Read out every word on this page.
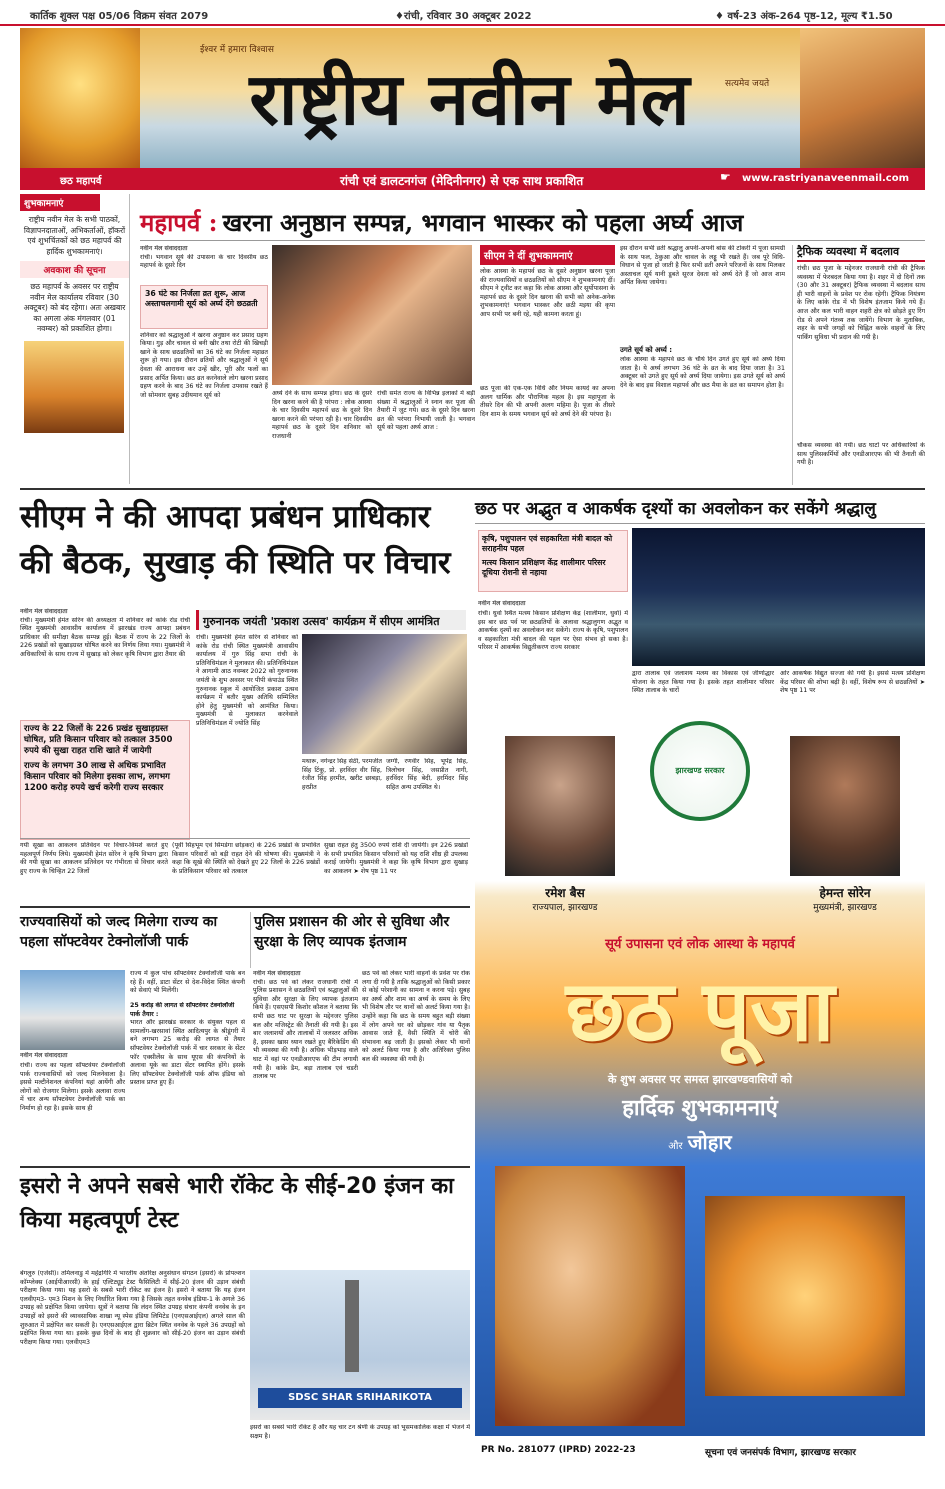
कार्तिक शुक्ल पक्ष 05/06 विक्रम संवत 2079	♦रांची, रविवार 30 अक्टूबर 2022	♦ वर्ष-23 अंक-264 पृष्ठ-12, मूल्य ₹1.50
ईश्वर में हमारा विश्वास
राष्ट्रीय नवीन मेल	सत्यमेव जयते
छठ महापर्व	रांची एवं डालटनगंज (मेदिनीनगर) से एक साथ प्रकाशित	☛ www.rastriyanaveenmail.com
शुभकामनाएं
राष्ट्रीय नवीन मेल के सभी पाठकों, विज्ञापनदाताओं, अभिकर्ताओं, हॉकरों एवं शुभचिंतकों को छठ महापर्व की हार्दिक शुभकामनाएं।
अवकाश की सूचना
छठ महापर्व के अवसर पर राष्ट्रीय नवीन मेल कार्यालय रविवार (30 अक्टूबर) को बंद रहेगा। अतः अखबार का अगला अंक मंगलवार (01 नवम्बर) को प्रकाशित होगा।
महापर्व : खरना अनुष्ठान सम्पन्न, भगवान भास्कर को पहला अर्घ्य आज
नवीन मेल संवाददाता
रांची। भगवान सूर्य की उपासना के चार दिवसीय छठ महापर्व के दूसरे दिन
36 घंटे का निर्जला व्रत शुरू, आज अस्ताचलगामी सूर्य को अर्घ्य देंगे छठव्रती
शनिवार को श्रद्धालुओं ने खरना अनुष्ठान कर प्रसाद ग्रहण किया। गुड़ और चावल से बनी खीर तथा रोटी की खिचड़ी खाने के साथ छठव्रतियों का 36 घंटे का निर्जला महाव्रत शुरू हो गया। इस दौरान व्रतियों और श्रद्धालुओं ने सूर्य देवता की आराधना कर उन्हें खीर, पूरी और फलों का प्रसाद अर्पित किया। छठ व्रत करनेवाले लोग खरना प्रसाद ग्रहण करने के बाद 36 घंटे का निर्जला उपवास रखते हैं जो सोमवार सुबह उदीयमान सूर्य को	अर्घ्य देने के साथ सम्पन्न होगा। छठ के दूसरे दिन खरना करने की है परंपरा : लोक आस्था के चार दिवसीय महापर्व छठ के दूसरे दिन खरना करने की परंपरा रही है। चार दिवसीय महापर्व छठ के दूसरे दिन शनिवार को राजधानी
रांची समेत राज्य के विभिन्न इलाकों में बड़ी संख्या में श्रद्धालुओं ने स्नान कर पूजा की तैयारी में जुट गये। छठ के दूसरे दिन खरना व्रत की परंपरा निभायी जाती है। भगवान सूर्य को पहला अर्घ्य आज :
सीएम ने दीं शुभकामनाएं
लोक आस्था के महापर्व छठ के दूसरे अनुष्ठान खरना पूजा की राज्यवासियों व छठव्रतियों को सीएम ने शुभकामनाएं दीं। सीएम ने ट्वीट कर कहा कि लोक आस्था और सूर्योपासना के महापर्व छठ के दूसरे दिन खरना की सभी को अनेक-अनेक शुभकामनाएं! भगवान भास्कर और छठी मइया की कृपा आप सभी पर बनी रहे, यही कामना करता हूं।
छठ पूजा की एक-एक विधि और नियम कायदे का अपना अलग धार्मिक और पौराणिक महत्व है। इस महापूजा के तीसरे दिन की भी अपनी अलग महिमा है। पूजा के तीसरे दिन शाम के समय भगवान सूर्य को अर्घ्य देने की परंपरा है।
इस दौरान सभी व्रती श्रद्धालु अपनी-अपनी बांस की टोकरी में पूजा सामग्री के साथ फल, ठेकुआ और चावल के लड्डू भी रखते हैं। जब पूरे विधि-विधान से पूजा हो जाती है फिर सभी व्रती अपने परिजनों के साथ मिलकर अस्ताचल सूर्य यानी डूबते सूरज देवता को अर्घ्य देते हैं जो आज शाम अर्पित किया जायेगा।
उगते सूर्य को अर्घ्य :
लोक आस्था के महापर्व छठ के चौथे दिन उगते हुए सूर्य को अर्घ्य दिया जाता है। ये अर्घ्य लगभग 36 घंटे के व्रत के बाद दिया जाता है। 31 अक्टूबर को उगते हुए सूर्य को अर्घ्य दिया जायेगा। इस उगते सूर्य को अर्घ्य देने के बाद इस विशाल महापर्व और छठ मैया के व्रत का समापन होता है।
ट्रैफिक व्यवस्था में बदलाव
रांची। छठ पूजा के मद्देनजर राजधानी रांची की ट्रैफिक व्यवस्था में फेरबदल किया गया है। शहर में दो दिनों तक (30 और 31 अक्टूबर) ट्रैफिक व्यवस्था में बदलाव साथ ही भारी वाहनों के प्रवेश पर रोक रहेगी। ट्रैफिक नियंत्रण के लिए कांके रोड में भी विशेष इंतजाम किये गये हैं। आज और कल भारी वाहन शहरी क्षेत्र को छोड़ते हुए रिंग रोड से अपने गंतव्य तक जायेंगे। विभाग के मुताबिक, शहर के सभी जगहों को चिह्नित करके वाहनों के लिए पार्किंग सुविधा भी प्रदान की गयी है।
चौकस व्यवस्था की गयी। छठ घाटों पर अधिकारियों के साथ पुलिसकर्मियों और एनडीआरएफ की भी तैनाती की गयी है।
सीएम ने की आपदा प्रबंधन प्राधिकार की बैठक, सुखाड़ की स्थिति पर विचार
नवीन मेल संवाददाता
रांची। मुख्यमंत्री हेमंत सोरेन की अध्यक्षता में शनिवार को कांके रोड रांची स्थित मुख्यमंत्री आवासीय कार्यालय में झारखंड राज्य आपदा प्रबंधन प्राधिकार की समीक्षा बैठक सम्पन्न हुई। बैठक में राज्य के 22 जिलों के 226 प्रखंडों को सुखाड़ग्रस्त घोषित करने का निर्णय लिया गया। मुख्यमंत्री ने अधिकारियों के साथ राज्य में सुखाड़ को लेकर कृषि विभाग द्वारा तैयार की
राज्य के 22 जिलों के 226 प्रखंड सुखाड़ग्रस्त घोषित, प्रति किसान परिवार को तत्काल 3500 रुपये की सुखा राहत राशि खाते में जायेगी
राज्य के लगभग 30 लाख से अधिक प्रभावित किसान परिवार को मिलेगा इसका लाभ, लगभग 1200 करोड़ रुपये खर्च करेगी राज्य सरकार
गुरुनानक जयंती 'प्रकाश उत्सव' कार्यक्रम में सीएम आमंत्रित
रांची। मुख्यमंत्री हेमंत सोरेन से शनिवार को कांके रोड रांची स्थित मुख्यमंत्री आवासीय कार्यालय में गुरु सिंह सभा रांची के प्रतिनिधिमंडल ने मुलाकात की। प्रतिनिधिमंडल ने आगामी आठ नवम्बर 2022 को गुरुनानक जयंती के शुभ अवसर पर पीपी कंपाउंड स्थित गुरुनानक स्कूल में आयोजित प्रकाश उत्सव कार्यक्रम में बतौर मुख्य अतिथि सम्मिलित होने हेतु मुख्यमंत्री को आमंत्रित किया। मुख्यमंत्री से मुलाकात करनेवाले प्रतिनिधिमंडल में ज्योति सिंह
मथारू, नगेन्द्रर सिंह सेठी, परमजीत सिंह टिंकू, प्रो. हरविंदर वीर सिंह, रंजीत सिंह हरमीत, खरीट छाबड़ा, हरप्रीत
जग्गी, रणवीर सिंह, भूपेंद्र सिंह, त्रिलोचन सिंह, जसप्रीत नागी, हरविंदर सिंह बेदी, हरमिंदर सिंह सहित अन्य उपस्थित थे।
गयी सूखा का आकलन प्रतिवेदन पर विचार-विमर्श करते हुए महत्वपूर्ण निर्णय लिये। मुख्यमंत्री हेमंत सोरेन ने कृषि विभाग द्वारा की गयी सूखा का आकलन प्रतिवेदन पर गंभीरता से विचार करते हुए राज्य के चिन्हित 22 जिलों
(पूर्वी सिंहभूम एवं सिमडेगा छोड़कर) के 226 प्रखंडों के प्रभावित किसान परिवारों को बड़ी राहत देने की घोषणा की। मुख्यमंत्री ने कहा कि सूखे की स्थिति को देखते हुए 22 जिलों के 226 प्रखंडों के प्रतिकिसान परिवार को तत्काल
सुखा राहत हेतु 3500 रुपये राशि दी जायेगी। इन 226 प्रखंडों के सभी प्रभावित किसान परिवारों को यह राशि शीघ्र ही उपलब्ध कराई जायेगी। मुख्यमंत्री ने कहा कि कृषि विभाग द्वारा सुखाड़ का आकलन ➤ शेष पृष्ठ 11 पर
छठ पर अद्भुत व आकर्षक दृश्यों का अवलोकन कर सकेंगे श्रद्धालु
कृषि, पशुपालन एवं सहकारिता मंत्री बादल को सराहनीय पहल
मत्स्य किसान प्रशिक्षण केंद्र शालीमार परिसर दूधिया रोशनी से नहाया
नवीन मेल संवाददाता
रांची। धुर्वा स्थित मत्स्य किसान प्रशिक्षण केंद्र (शालीमार, धुर्वा) में इस बार छठ पर्व पर छठव्रतियों के अलावा श्रद्धालुगण अद्भुत व आकर्षक दृश्यों का अवलोकन कर सकेंगे। राज्य के कृषि, पशुपालन व सहकारिता मंत्री बादल की पहल पर ऐसा संभव हो सका है। परिसर में आकर्षक विद्युतीकरण राज्य सरकार
द्वारा तालाब एवं जलाशय मत्स्य का विकास एवं जीर्णोद्धार योजना के तहत किया गया है। इसके तहत शालीमार परिसर स्थित तालाब के चारों
ओर आकर्षक विद्युत सज्जा की गयी है। इससे मत्स्य प्रशिक्षण केंद्र परिसर की शोभा बढ़ी है। वहीं, विशेष रूप से छठव्रतियों ➤ शेष पृष्ठ 11 पर
राज्यवासियों को जल्द मिलेगा राज्य का पहला सॉफ्टवेयर टेक्नोलॉजी पार्क
नवीन मेल संवाददाता
रांची। राज्य का पहला सॉफ्टवेयर टेक्नोलॉजी पार्क राज्यवासियों को जल्द मिलनेवाला है। इससे मल्टीनेशनल कंपनियां यहां आयेंगी और लोगों को रोजगार मिलेगा। इसके अलावा राज्य में चार अन्य सॉफ्टवेयर टेक्नोलॉजी पार्क का निर्माण हो रहा है। इसके साथ ही
राज्य में कुल पांच सॉफ्टवेयर टेक्नोलॉजी पार्क बन रहे हैं। वहीं, डाटा सेंटर से देश-विदेश स्थित कंपनी को सेवाएं भी मिलेंगी।
25 करोड़ की लागत से सॉफ्टवेयर टेक्नोलॉजी पार्क तैयार :
भारत और झारखंड सरकार के संयुक्त पहल से सामलोंग-खरसावां स्थित आदित्यपुर के श्रीडूंगरी में बने लगभग 25 करोड़ की लागत से तैयार सॉफ्टवेयर टेक्नोलॉजी पार्क में चार सरकार के सेंटर फॉर एक्सीलेंस के साथ यूएस की कंपनियों के अलावा यूके का डाटा सेंटर स्थापित होंगे। इसके लिए सॉफ्टवेयर टेक्नोलॉजी पार्क ऑफ इंडिया को प्रस्ताव प्राप्त हुए हैं।
पुलिस प्रशासन की ओर से सुविधा और सुरक्षा के लिए व्यापक इंतजाम
नवीन मेल संवाददाता
रांची। छठ पर्व को लेकर राजधानी रांची में पुलिस प्रशासन ने छठव्रतियों एवं श्रद्धालुओं की सुविधा और सुरक्षा के लिए व्यापक इंतजाम किये हैं। एसएसपी किशोर कौशल ने बताया कि सभी छठ घाट पर सुरक्षा के मद्देनजर पुलिस बल और मजिस्ट्रेट की तैनाती की गयी है। इस बार जलाशयों और तालाबों में जलस्तर अधिक है, इसका खास ध्यान रखते हुए बैरिकेडिंग की भी व्यवस्था की गयी है। अधिक भीड़भाड़ वाले घाट में वहां पर एनडीआरएफ की टीम लगायी गयी है। कांके डैम, बड़ा तालाब एवं चडरी तालाब पर
छठ पर्व को लेकर भारी वाहनों के प्रवेश पर रोक लगा दी गयी है ताकि श्रद्धालुओं को किसी प्रकार से कोई परेशानी का सामना न करना पड़े। सुबह का अर्घ्य और शाम का अर्घ्य के समय के लिए भी विशेष तौर पर थानों को अलर्ट किया गया है। उन्होंने कहा कि छठ के समय बहुत बड़ी संख्या में लोग अपने घर को छोड़कर गांव या पैतृक आवास जाते हैं, वैसी स्थिति में चोरी की संभावना बढ़ जाती है। इसको लेकर भी थानों को अलर्ट किया गया है और अतिरिक्त पुलिस बल की व्यवस्था की गयी है।
इसरो ने अपने सबसे भारी रॉकेट के सीई-20 इंजन का किया महत्वपूर्ण टेस्ट
बेंगलुरु (एजेंसी)। तमिलनाडु में महेंद्रगिरि में भारतीय अंतरिक्ष अनुसंधान संगठन (इसरो) के प्रोपल्शन कॉम्प्लेक्स (आईपीआरसी) के हाई एल्टिट्यूड टेस्ट फैसिलिटी में सीई-20 इंजन की उड़ान संबंधी परीक्षण किया गया। यह इसरो के सबसे भारी रॉकेट का इंजन है। इसरो ने बताया कि यह इंजन एलवीएम3- एम3 मिशन के लिए निर्धारित किया गया है जिसके तहत वनवेब इंडिया-1 के अगले 36 उपग्रह को प्रक्षेपित किया जायेगा। सूत्रों ने बताया कि लंदन स्थित उपग्रह संचार कंपनी वनवेब के इन उपग्रहों को इसरो की व्यावसायिक शाखा न्यू स्पेस इंडिया लिमिटेड (एनएसआईएल) अगले साल की शुरुआत में प्रक्षेपित कर सकती है। एनएसआईएल द्वारा ब्रिटेन स्थित वनवेब के पहले 36 उपग्रहों को प्रक्षेपित किया गया था। इसके कुछ दिनों के बाद ही शुक्रवार को सीई-20 इंजन का उड़ान संबंधी परीक्षण किया गया। एलवीएम3
SDSC SHAR SRIHARIKOTA
इसरो का सबसे भारी रॉकेट है और यह चार टन श्रेणी के उपग्रह को भूसमकालिक कक्षा में भेजने में सक्षम है।
झारखण्ड सरकार
रमेश बैस
राज्यपाल, झारखण्ड
हेमन्त सोरेन
मुख्यमंत्री, झारखण्ड
सूर्य उपासना एवं लोक आस्था के महापर्व
छठ पूजा
के शुभ अवसर पर समस्त झारखण्डवासियों को
हार्दिक शुभकामनाएं
और जोहार
PR No. 281077 (IPRD) 2022-23	सूचना एवं जनसंपर्क विभाग, झारखण्ड सरकार
